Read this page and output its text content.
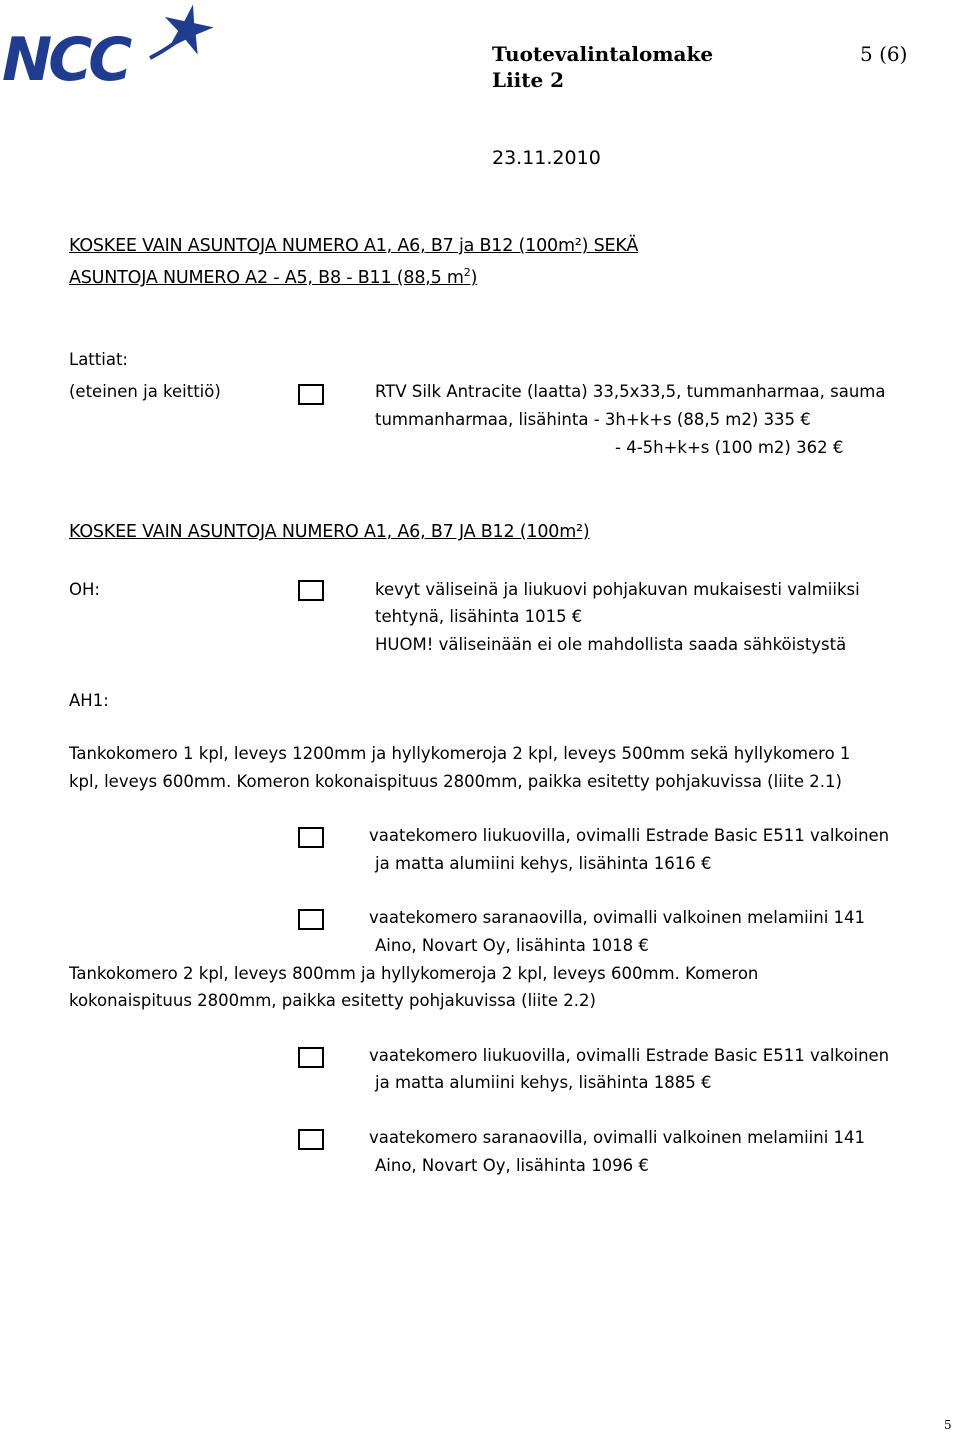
NCC	Tuotevalintalomake	5 (6)
Liite 2
23.11.2010
KOSKEE VAIN ASUNTOJA NUMERO A1, A6, B7 ja B12 (100m²) SEKÄ
ASUNTOJA NUMERO A2 - A5, B8 - B11 (88,5 $m^2$)
Lattiat:
(eteinen ja keittiö)	RTV Silk Antracite (laatta) 33,5x33,5, tummanharmaa, sauma
tummanharmaa, lisähinta - 3h+k+s (88,5 m2) 335 €
- 4-5h+k+s (100 m2) 362 €
KOSKEE VAIN ASUNTOJA NUMERO A1, A6, B7 JA B12 (100m²)
OH:	kevyt väliseinä ja liukuovi pohjakuvan mukaisesti valmiiksi
tehtynä, lisähinta 1015 €
HUOM! väliseinään ei ole mahdollista saada sähköistystä
AH1:
Tankokomero 1 kpl, leveys 1200mm ja hyllykomeroja 2 kpl, leveys 500mm sekä hyllykomero 1
kpl, leveys 600mm. Komeron kokonaispituus 2800mm, paikka esitetty pohjakuvissa (liite 2.1)
vaatekomero liukuovilla, ovimalli Estrade Basic E511 valkoinen
ja matta alumiini kehys, lisähinta 1616 €
vaatekomero saranaovilla, ovimalli valkoinen melamiini 141
Aino, Novart Oy, lisähinta 1018 €
Tankokomero 2 kpl, leveys 800mm ja hyllykomeroja 2 kpl, leveys 600mm. Komeron
kokonaispituus 2800mm, paikka esitetty pohjakuvissa (liite 2.2)
vaatekomero liukuovilla, ovimalli Estrade Basic E511 valkoinen
ja matta alumiini kehys, lisähinta 1885 €
vaatekomero saranaovilla, ovimalli valkoinen melamiini 141
Aino, Novart Oy, lisähinta 1096 €
5
